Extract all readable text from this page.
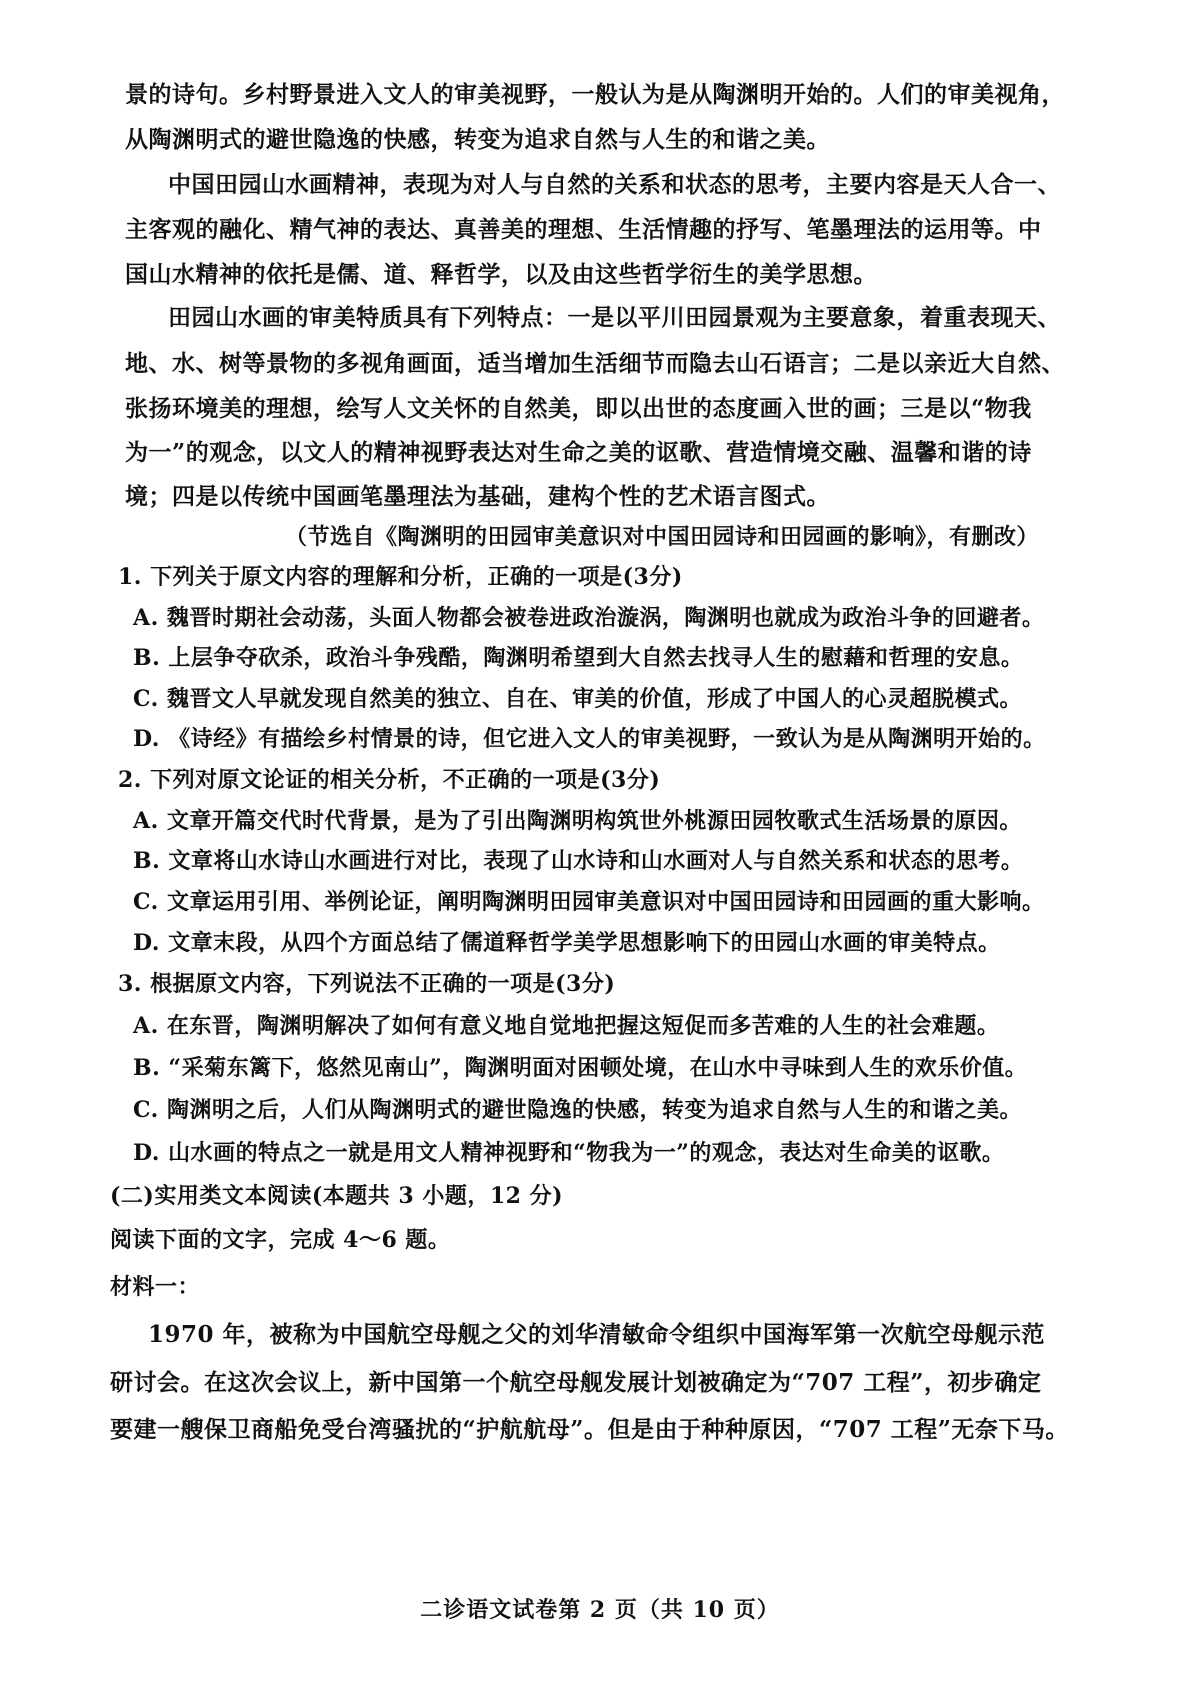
景的诗句。乡村野景进入文人的审美视野，一般认为是从陶渊明开始的。人们的审美视角，
从陶渊明式的避世隐逸的快感，转变为追求自然与人生的和谐之美。
中国田园山水画精神，表现为对人与自然的关系和状态的思考，主要内容是天人合一、
主客观的融化、精气神的表达、真善美的理想、生活情趣的抒写、笔墨理法的运用等。中
国山水精神的依托是儒、道、释哲学，以及由这些哲学衍生的美学思想。
田园山水画的审美特质具有下列特点：一是以平川田园景观为主要意象，着重表现天、
地、水、树等景物的多视角画面，适当增加生活细节而隐去山石语言；二是以亲近大自然、
张扬环境美的理想，绘写人文关怀的自然美，即以出世的态度画入世的画；三是以“物我
为一”的观念，以文人的精神视野表达对生命之美的讴歌、营造情境交融、温馨和谐的诗
境；四是以传统中国画笔墨理法为基础，建构个性的艺术语言图式。
（节选自《陶渊明的田园审美意识对中国田园诗和田园画的影响》，有删改）
1. 下列关于原文内容的理解和分析，正确的一项是(3分)
A. 魏晋时期社会动荡，头面人物都会被卷进政治漩涡，陶渊明也就成为政治斗争的回避者。
B. 上层争夺砍杀，政治斗争残酷，陶渊明希望到大自然去找寻人生的慰藉和哲理的安息。
C. 魏晋文人早就发现自然美的独立、自在、审美的价值，形成了中国人的心灵超脱模式。
D. 《诗经》有描绘乡村情景的诗，但它进入文人的审美视野，一致认为是从陶渊明开始的。
2. 下列对原文论证的相关分析，不正确的一项是(3分)
A. 文章开篇交代时代背景，是为了引出陶渊明构筑世外桃源田园牧歌式生活场景的原因。
B. 文章将山水诗山水画进行对比，表现了山水诗和山水画对人与自然关系和状态的思考。
C. 文章运用引用、举例论证，阐明陶渊明田园审美意识对中国田园诗和田园画的重大影响。
D. 文章末段，从四个方面总结了儒道释哲学美学思想影响下的田园山水画的审美特点。
3. 根据原文内容，下列说法不正确的一项是(3分)
A. 在东晋，陶渊明解决了如何有意义地自觉地把握这短促而多苦难的人生的社会难题。
B. “采菊东篱下，悠然见南山”，陶渊明面对困顿处境，在山水中寻味到人生的欢乐价值。
C. 陶渊明之后，人们从陶渊明式的避世隐逸的快感，转变为追求自然与人生的和谐之美。
D. 山水画的特点之一就是用文人精神视野和“物我为一”的观念，表达对生命美的讴歌。
(二)实用类文本阅读(本题共 3 小题，12 分)
阅读下面的文字，完成 4～6 题。
材料一：
1970 年，被称为中国航空母舰之父的刘华清敏命令组织中国海军第一次航空母舰示范
研讨会。在这次会议上，新中国第一个航空母舰发展计划被确定为“707 工程”，初步确定
要建一艘保卫商船免受台湾骚扰的“护航航母”。但是由于种种原因，“707 工程”无奈下马。
二诊语文试卷第 2 页（共 10 页）
